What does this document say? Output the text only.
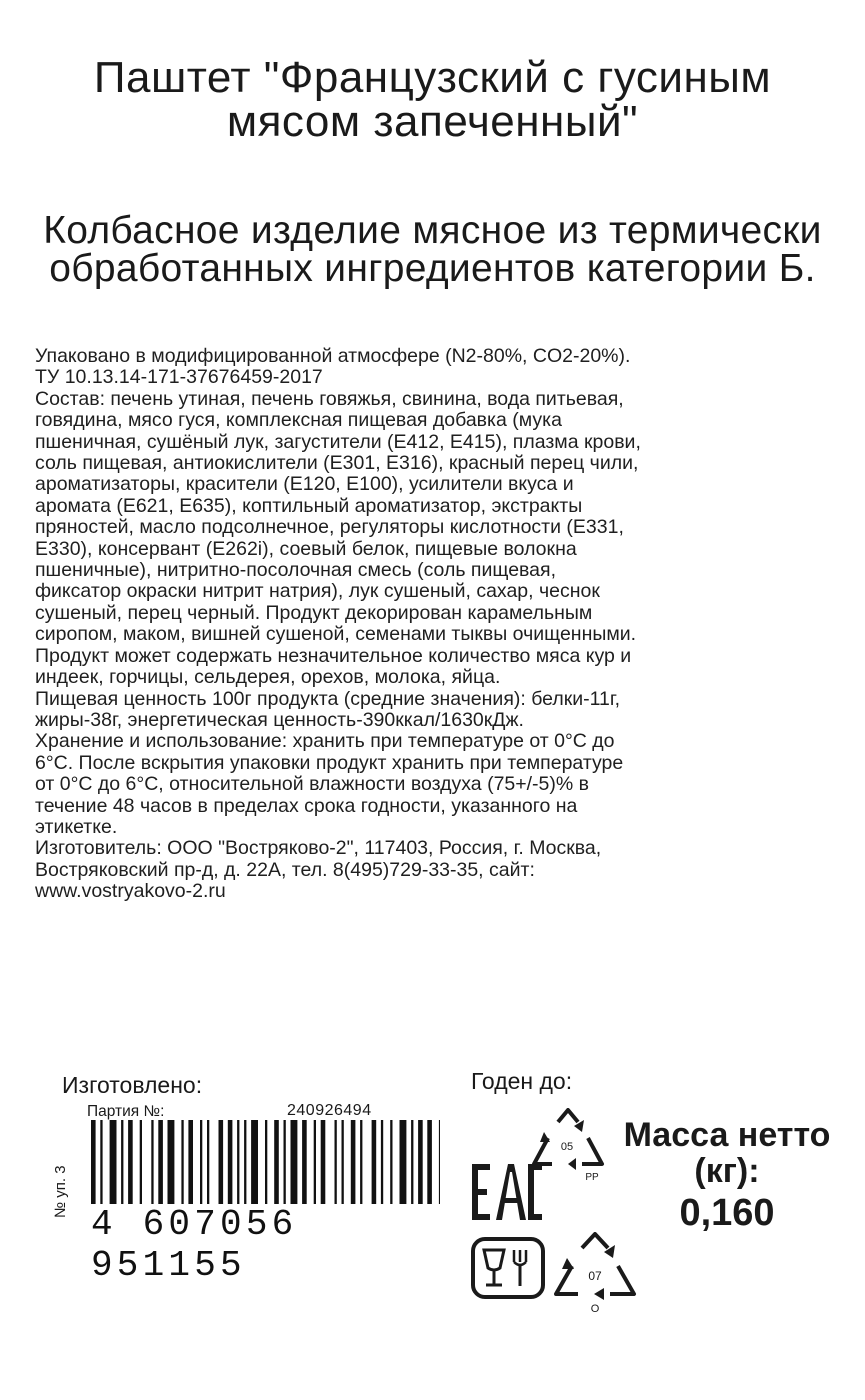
Паштет "Французский с гусиным мясом запеченный"
Колбасное изделие мясное из термически обработанных ингредиентов категории Б.
Упаковано в модифицированной атмосфере (N2-80%, CO2-20%).
ТУ 10.13.14-171-37676459-2017
Состав: печень утиная, печень говяжья, свинина, вода питьевая,
говядина, мясо гуся, комплексная пищевая добавка (мука
пшеничная, сушёный лук, загустители (Е412, Е415), плазма крови,
соль пищевая, антиокислители (Е301, Е316), красный перец чили,
ароматизаторы, красители (Е120, Е100), усилители вкуса и
аромата (Е621, Е635), коптильный ароматизатор, экстракты
пряностей, масло подсолнечное, регуляторы кислотности (Е331,
Е330), консервант (Е262i), соевый белок, пищевые волокна
пшеничные), нитритно-посолочная смесь (соль пищевая,
фиксатор окраски нитрит натрия), лук сушеный, сахар, чеснок
сушеный, перец черный. Продукт декорирован карамельным
сиропом, маком, вишней сушеной, семенами тыквы очищенными.
Продукт может содержать незначительное количество мяса кур и
индеек, горчицы, сельдерея, орехов, молока, яйца.
Пищевая ценность 100г продукта (средние значения): белки-11г,
жиры-38г, энергетическая ценность-390ккал/1630кДж.
Хранение и использование: хранить при температуре от 0°С до
6°С. После вскрытия упаковки продукт хранить при температуре
от 0°С до 6°С, относительной влажности воздуха (75+/-5)% в
течение 48 часов в пределах срока годности, указанного на
этикетке.
Изготовитель: ООО "Востряково-2", 117403, Россия, г. Москва,
Востряковский пр-д, д. 22А, тел. 8(495)729-33-35, сайт:
www.vostryakovo-2.ru
Изготовлено:	Годен до:
Партия №:	240926494
№ уп. 3
4 607056 951155
05
PP
07
O
Масса нетто (кг):
0,160
